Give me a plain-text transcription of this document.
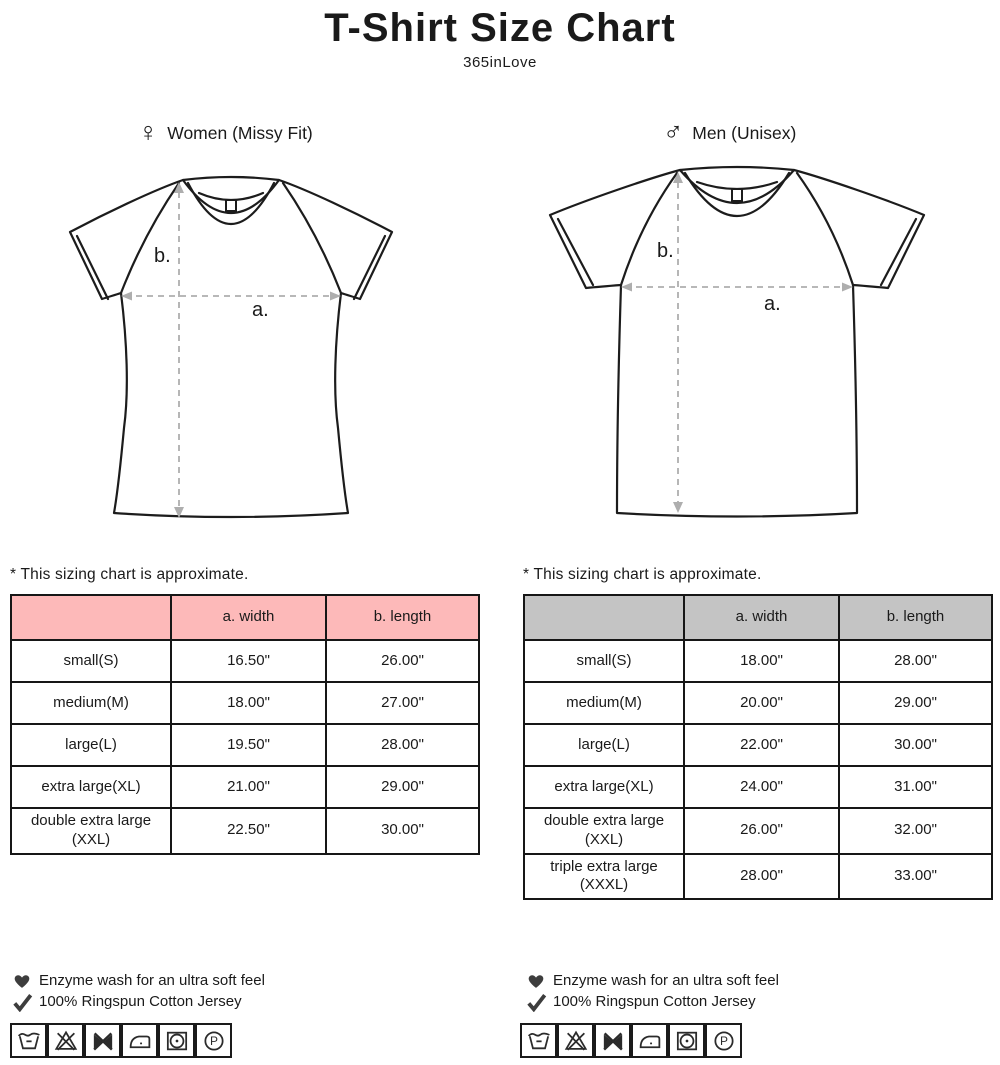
T-Shirt Size Chart
365inLove
♀ Women (Missy Fit)	♂ Men (Unisex)
b.
a.
b.
a.
* This sizing chart is approximate.	* This sizing chart is approximate.
	a. width	b. length
small(S)	16.50"	26.00"
medium(M)	18.00"	27.00"
large(L)	19.50"	28.00"
extra large(XL)	21.00"	29.00"
double extra large (XXL)	22.50"	30.00"
	a. width	b. length
small(S)	18.00"	28.00"
medium(M)	20.00"	29.00"
large(L)	22.00"	30.00"
extra large(XL)	24.00"	31.00"
double extra large (XXL)	26.00"	32.00"
triple extra large (XXXL)	28.00"	33.00"
Enzyme wash for an ultra soft feel
100% Ringspun Cotton Jersey
P
Enzyme wash for an ultra soft feel
100% Ringspun Cotton Jersey
P
